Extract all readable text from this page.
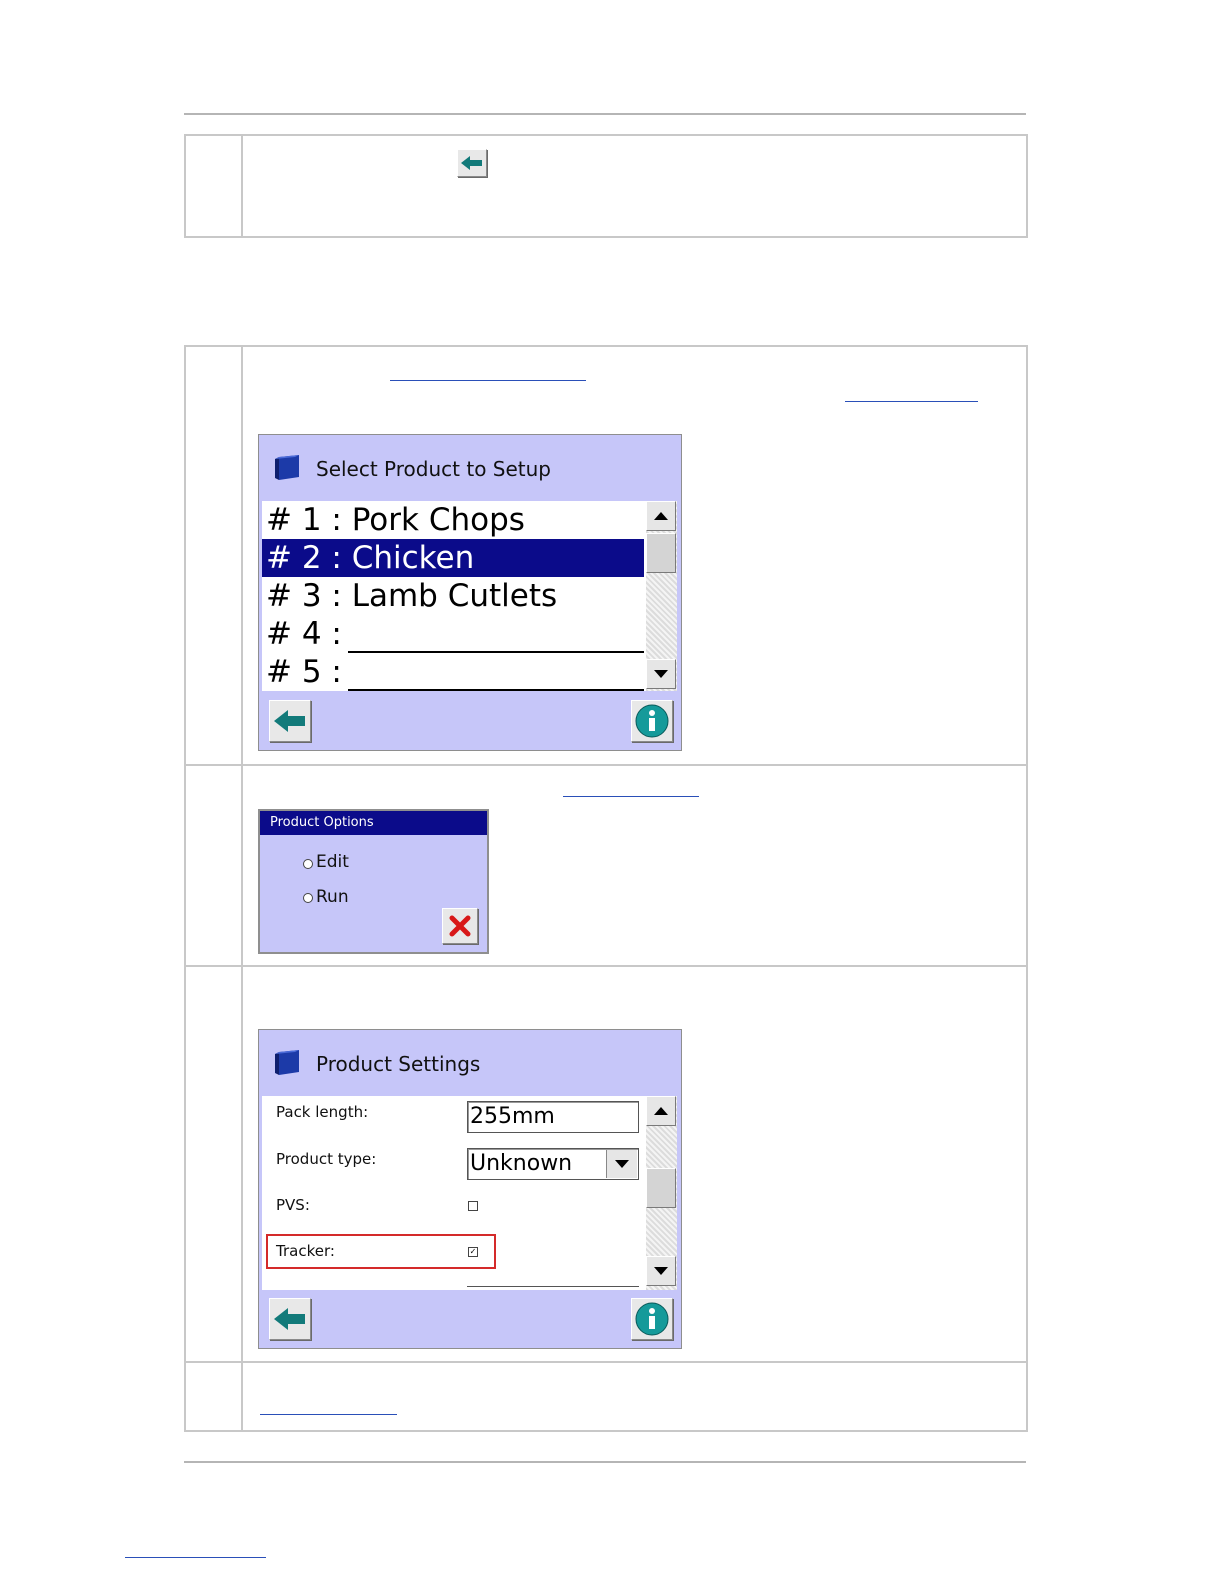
Select Product to Setup
# 1 : Pork Chops
# 2 : Chicken
# 3 : Lamb Cutlets
# 4 :
# 5 :
Product Options
Edit
Run
Product Settings
Pack length:	255mm
Product type:	Unknown
PVS:
Tracker:	✓
